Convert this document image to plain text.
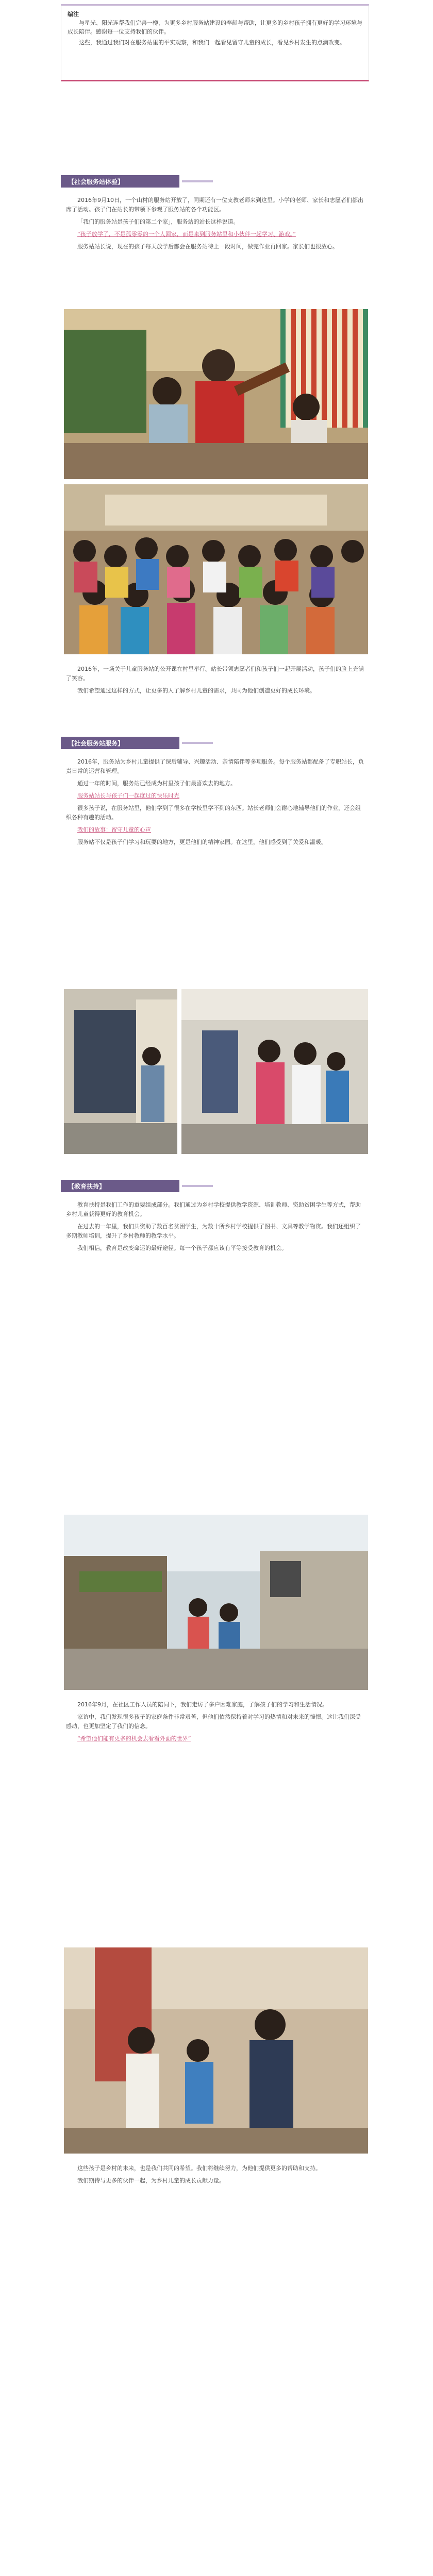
编注

与星光、阳光连帮我们完善一樽，为更多乡村服务站建设的奉献与帮助，让更多的乡村孩子拥有更好的学习环境与成长陪伴。感谢每一位支持我们的伙伴。

这些，我通过我们对在服务站里的平实观察，和我们一起看见留守儿童的成长，看见乡村发生的点滴改变。

【社会服务站体验】

2016年9月10日，一个山村的服务站开放了，同期还有一位支教老师来到这里。小学的老师、家长和志愿者们都出席了活动。孩子们在站长的带领下参观了服务站的各个功能区。

「我们的服务站是孩子们的第二个家」，服务站的站长这样说道。

“孩子放学了，不是孤零零的一个人回家，而是来到服务站里和小伙伴一起学习、游戏。”

服务站站长说，现在的孩子每天放学后都会在服务站待上一段时间，做完作业再回家。家长们也很放心。

2016年，一场关于儿童服务站的公开课在村里举行。站长带领志愿者们和孩子们一起开展活动，孩子们的脸上充满了笑容。

我们希望通过这样的方式，让更多的人了解乡村儿童的需求，共同为他们创造更好的成长环境。

【社会服务站服务】

2016年，服务站为乡村儿童提供了课后辅导、兴趣活动、亲情陪伴等多项服务。每个服务站都配备了专职站长，负责日常的运营和管理。

通过一年的时间，服务站已经成为村里孩子们最喜欢去的地方。

服务站站长与孩子们一起度过的快乐时光

很多孩子说，在服务站里，他们学到了很多在学校里学不到的东西。站长老师们会耐心地辅导他们的作业，还会组织各种有趣的活动。

我们的故事：留守儿童的心声

服务站不仅是孩子们学习和玩耍的地方，更是他们的精神家园。在这里，他们感受到了关爱和温暖。

【教育扶持】

教育扶持是我们工作的重要组成部分。我们通过为乡村学校提供教学资源、培训教师、资助贫困学生等方式，帮助乡村儿童获得更好的教育机会。

在过去的一年里，我们共资助了数百名贫困学生，为数十所乡村学校提供了图书、文具等教学物资。我们还组织了多期教师培训，提升了乡村教师的教学水平。

我们相信，教育是改变命运的最好途径。每一个孩子都应该有平等接受教育的机会。

2016年9月，在社区工作人员的陪同下，我们走访了多户困难家庭，了解孩子们的学习和生活情况。

家访中，我们发现很多孩子的家庭条件非常艰苦，但他们依然保持着对学习的热情和对未来的憧憬。这让我们深受感动，也更加坚定了我们的信念。

“希望他们能有更多的机会去看看外面的世界”

这些孩子是乡村的未来，也是我们共同的希望。我们将继续努力，为他们提供更多的帮助和支持。

我们期待与更多的伙伴一起，为乡村儿童的成长贡献力量。
